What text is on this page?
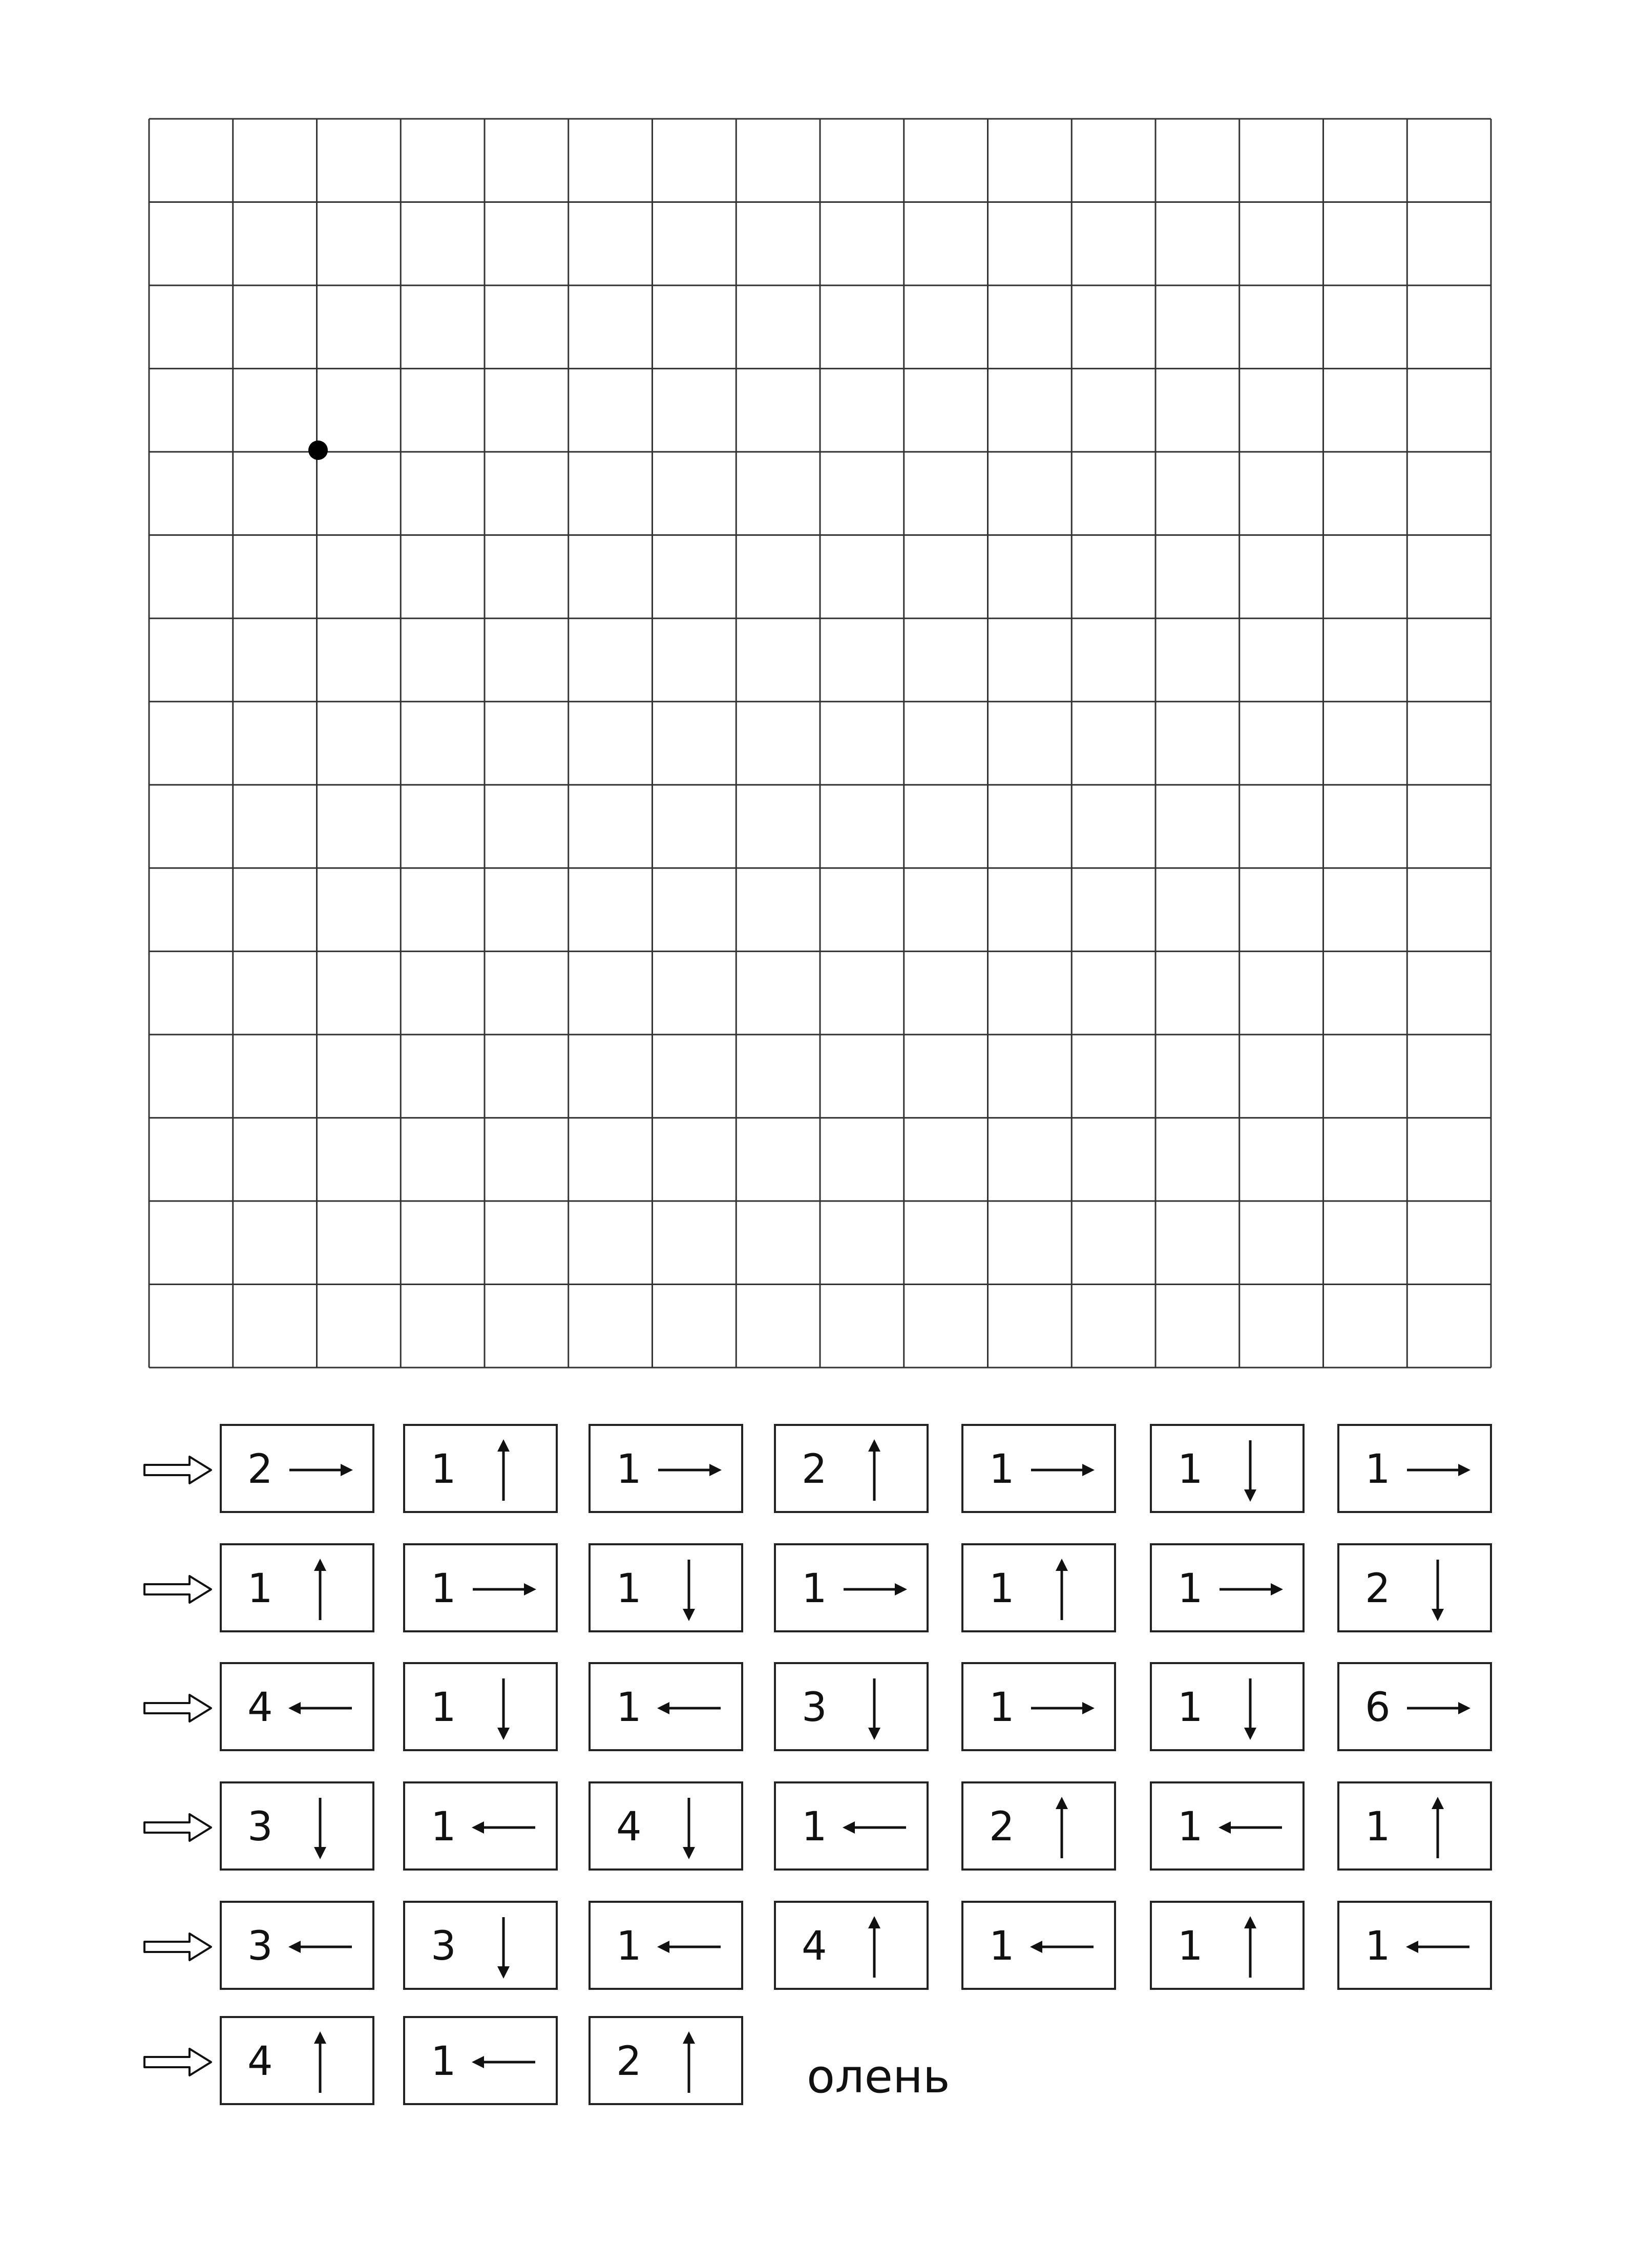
2	1	1	2	1	1	1
1	1	1	1	1	1	2
4	1	1	3	1	1	6
3	1	4	1	2	1	1
3	3	1	4	1	1	1
4	1	2	олень
